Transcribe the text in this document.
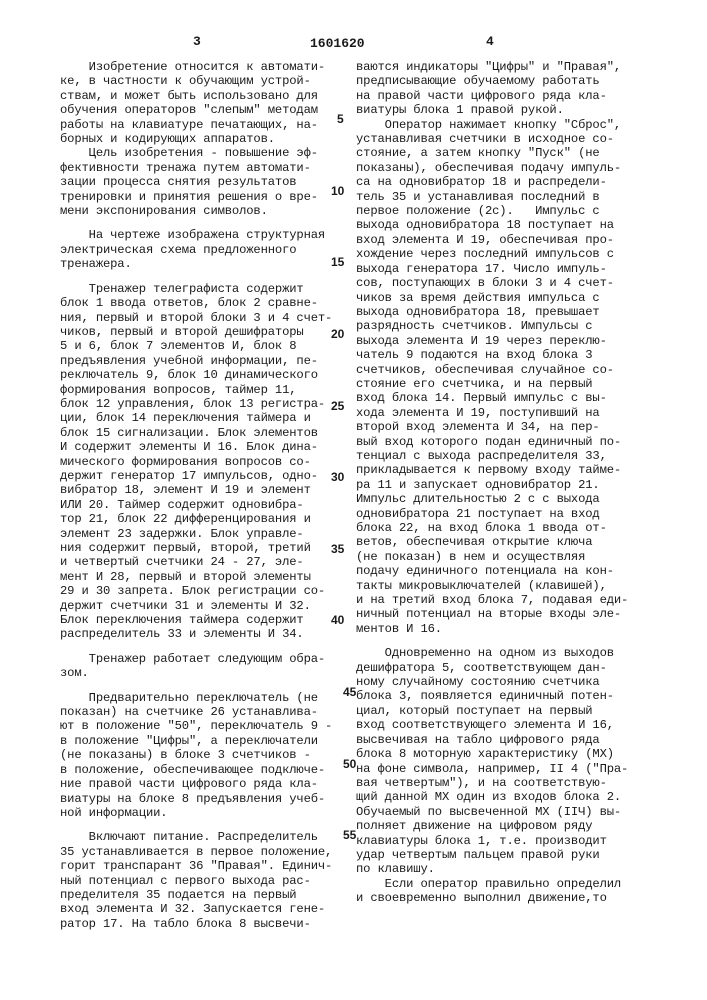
3	1601620	4

Изобретение относится к автомати-

ке, в частности к обучающим устрой-

ствам, и может быть использовано для

обучения операторов "слепым" методам

работы на клавиатуре печатающих, на-

борных и кодирующих аппаратов.

Цель изобретения - повышение эф-

фективности тренажа путем автомати-

зации процесса снятия результатов

тренировки и принятия решения о вре-

мени экспонирования символов.

На чертеже изображена структурная

электрическая схема предложенного

тренажера.

Тренажер телеграфиста содержит

блок 1 ввода ответов, блок 2 сравне-

ния, первый и второй блоки 3 и 4 счет-

чиков, первый и второй дешифраторы

5 и 6, блок 7 элементов И, блок 8

предъявления учебной информации, пе-

реключатель 9, блок 10 динамического

формирования вопросов, таймер 11,

блок 12 управления, блок 13 регистра-

ции, блок 14 переключения таймера и

блок 15 сигнализации. Блок элементов

И содержит элементы И 16. Блок дина-

мического формирования вопросов со-

держит генератор 17 импульсов, одно-

вибратор 18, элемент И 19 и элемент

ИЛИ 20. Таймер содержит одновибра-

тор 21, блок 22 дифференцирования и

элемент 23 задержки. Блок управле-

ния содержит первый, второй, третий

и четвертый счетчики 24 - 27, эле-

мент И 28, первый и второй элементы

29 и 30 запрета. Блок регистрации со-

держит счетчики 31 и элементы И 32.

Блок переключения таймера содержит

распределитель 33 и элементы И 34.

Тренажер работает следующим обра-

зом.

Предварительно переключатель (не

показан) на счетчике 26 устанавлива-

ют в положение "50", переключатель 9 -

в положение "Цифры", а переключатели

(не показаны) в блоке 3 счетчиков -

в положение, обеспечивающее подключе-

ние правой части цифрового ряда кла-

виатуры на блоке 8 предъявления учеб-

ной информации.

Включают питание. Распределитель

35 устанавливается в первое положение,

горит транспарант 36 "Правая". Единич-

ный потенциал с первого выхода рас-

пределителя 35 подается на первый

вход элемента И 32. Запускается гене-

ратор 17. На табло блока 8 высвечи-

ваются индикаторы "Цифры" и "Правая",

предписывающие обучаемому работать

на правой части цифрового ряда кла-

виатуры блока 1 правой рукой.

Оператор нажимает кнопку "Сброс",

устанавливая счетчики в исходное со-

стояние, а затем кнопку "Пуск" (не

показаны), обеспечивая подачу импуль-

са на одновибратор 18 и распредели-

тель 35 и устанавливая последний в

первое положение (2с).   Импульс с

выхода одновибратора 18 поступает на

вход элемента И 19, обеспечивая про-

хождение через последний импульсов с

выхода генератора 17. Число импуль-

сов, поступающих в блоки 3 и 4 счет-

чиков за время действия импульса с

выхода одновибратора 18, превышает

разрядность счетчиков. Импульсы с

выхода элемента И 19 через переклю-

чатель 9 подаются на вход блока 3

счетчиков, обеспечивая случайное со-

стояние его счетчика, и на первый

вход блока 14. Первый импульс с вы-

хода элемента И 19, поступивший на

второй вход элемента И 34, на пер-

вый вход которого подан единичный по-

тенциал с выхода распределителя 33,

прикладывается к первому входу тайме-

ра 11 и запускает одновибратор 21.

Импульс длительностью 2 с с выхода

одновибратора 21 поступает на вход

блока 22, на вход блока 1 ввода от-

ветов, обеспечивая открытие ключа

(не показан) в нем и осуществляя

подачу единичного потенциала на кон-

такты микровыключателей (клавишей),

и на третий вход блока 7, подавая еди-

ничный потенциал на вторые входы эле-

ментов И 16.

Одновременно на одном из выходов

дешифратора 5, соответствующем дан-

ному случайному состоянию счетчика

блока 3, появляется единичный потен-

циал, который поступает на первый

вход соответствующего элемента И 16,

высвечивая на табло цифрового ряда

блока 8 моторную характеристику (МХ)

на фоне символа, например, II 4 ("Пра-

вая четвертым"), и на соответствую-

щий данной МХ один из входов блока 2.

Обучаемый по высвеченной МХ (IIЧ) вы-

полняет движение на цифровом ряду

клавиатуры блока 1, т.е. производит

удар четвертым пальцем правой руки

по клавишу.

Если оператор правильно определил

и своевременно выполнил движение,то

5
10
15
20
25
30
35
40
45
50
55
